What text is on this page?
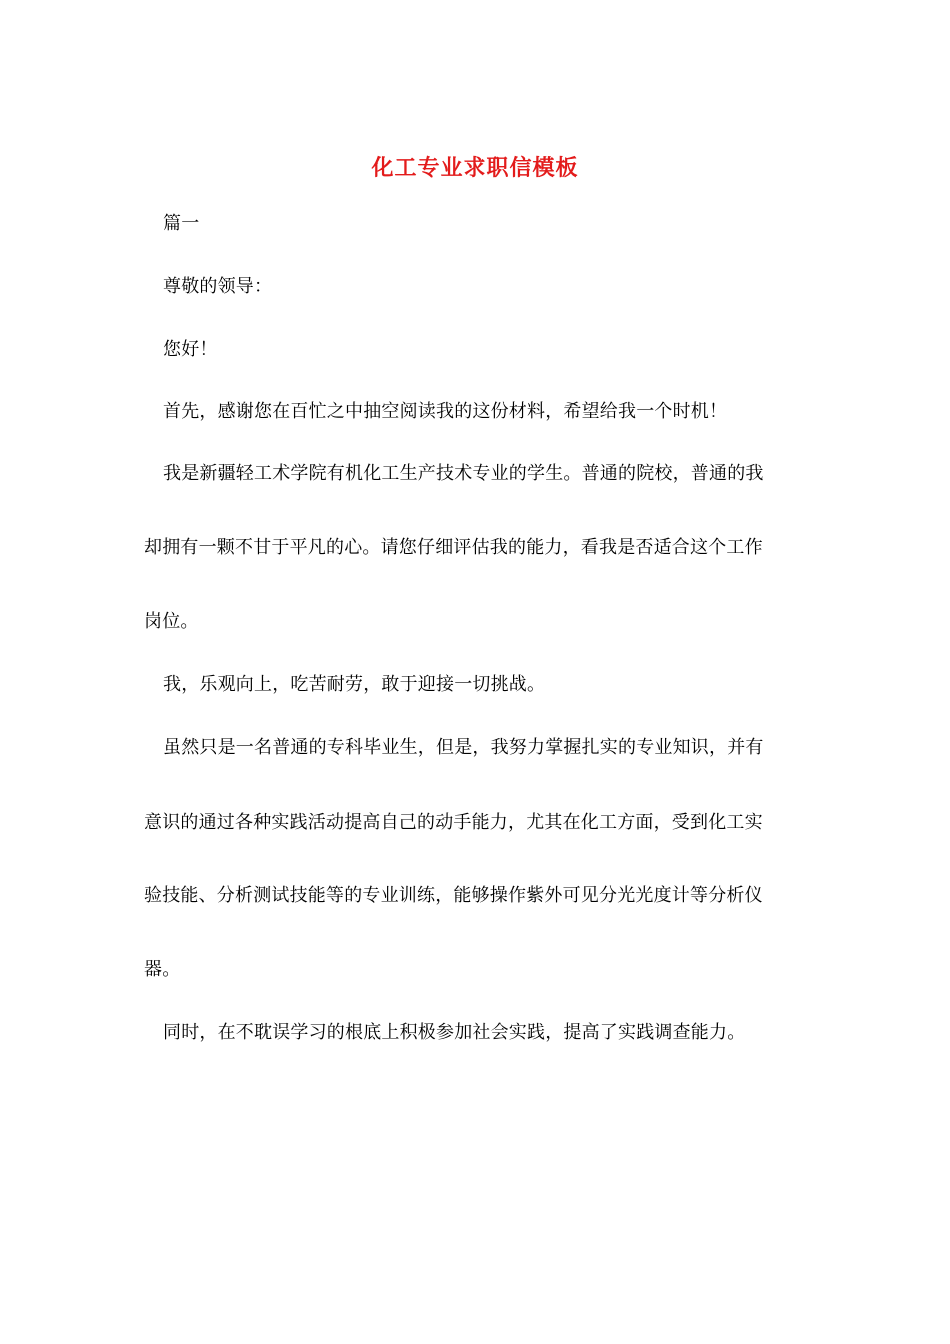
化工专业求职信模板
篇一
尊敬的领导：
您好！
首先，感谢您在百忙之中抽空阅读我的这份材料，希望给我一个时机！
我是新疆轻工术学院有机化工生产技术专业的学生。普通的院校，普通的我
却拥有一颗不甘于平凡的心。请您仔细评估我的能力，看我是否适合这个工作
岗位。
我，乐观向上，吃苦耐劳，敢于迎接一切挑战。
虽然只是一名普通的专科毕业生，但是，我努力掌握扎实的专业知识，并有
意识的通过各种实践活动提高自己的动手能力，尤其在化工方面，受到化工实
验技能、分析测试技能等的专业训练，能够操作紫外可见分光光度计等分析仪
器。
同时，在不耽误学习的根底上积极参加社会实践，提高了实践调查能力。
